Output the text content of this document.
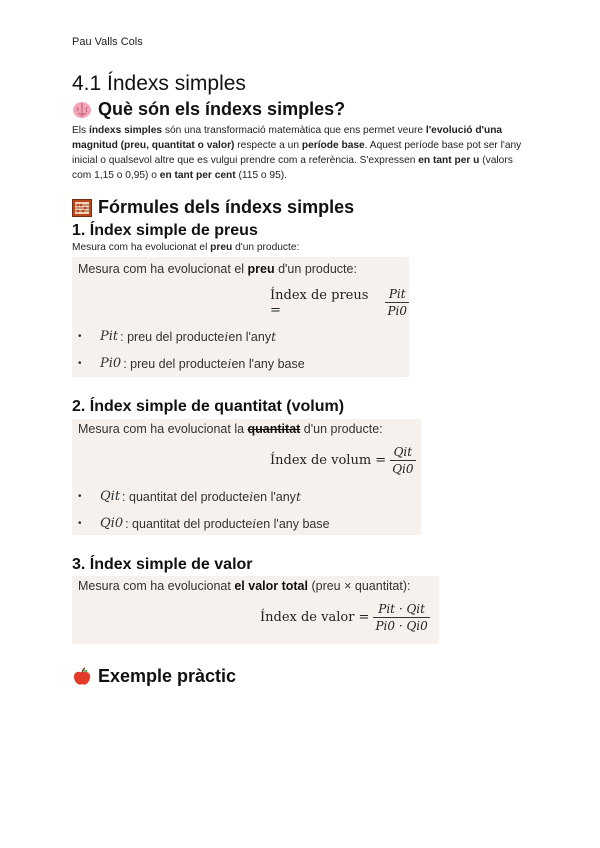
Pau Valls Cols
4.1 Índexs simples
Què són els índexs simples?
Els índexs simples són una transformació matemàtica que ens permet veure l'evolució d'una magnitud (preu, quantitat o valor) respecte a un període base. Aquest període base pot ser l'any inicial o qualsevol altre que es vulgui prendre com a referència. S'expressen en tant per u (valors com 1,15 o 0,95) o en tant per cent (115 o 95).
Fórmules dels índexs simples
1. Índex simple de preus
Mesura com ha evolucionat el preu d'un producte:
Mesura com ha evolucionat el preu d'un producte:
Índex de preus =	$\frac{\text{Pit}}{Pi0}$
•	Pit : preu del producte i en l'any t
•	Pi0 : preu del producte i en l'any base
2. Índex simple de quantitat (volum)
Mesura com ha evolucionat la quantitat d'un producte:
Índex de volum = $\frac{\text{Qit}}{Qi0}$
•	Qit : quantitat del producte i en l'any t
•	Qi0 : quantitat del producte i en l'any base
3. Índex simple de valor
Mesura com ha evolucionat el valor total (preu × quantitat):
Índex de valor = $\frac{\text{Pit · Qit}}{Pi0 \cdot Qi0}$
Exemple pràctic
